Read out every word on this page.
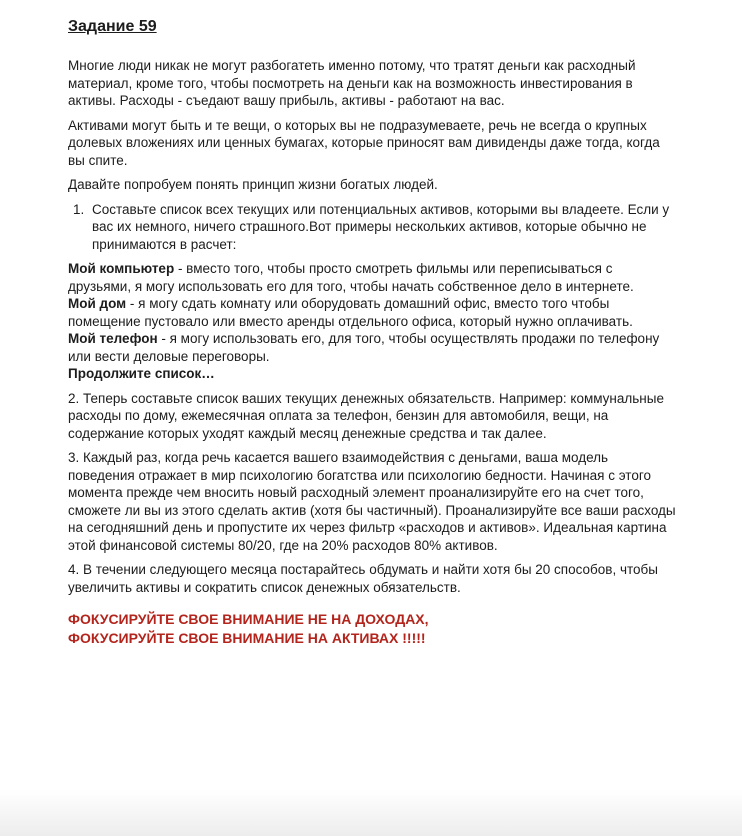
Задание 59

Многие люди никак не могут разбогатеть именно потому, что тратят деньги как расходный материал, кроме того, чтобы посмотреть на деньги как на возможность инвестирования в активы. Расходы - съедают вашу прибыль, активы - работают на вас.

Активами могут быть и те вещи, о которых вы не подразумеваете, речь не всегда о крупных долевых вложениях или ценных бумагах, которые приносят вам дивиденды даже тогда, когда вы спите.

Давайте попробуем понять принцип жизни богатых людей.

1. Составьте список всех текущих или потенциальных активов, которыми вы владеете. Если у вас их немного, ничего страшного.Вот примеры нескольких активов, которые обычно не принимаются в расчет:

Мой компьютер - вместо того, чтобы просто смотреть фильмы или переписываться с друзьями, я могу использовать его для того, чтобы начать собственное дело в интернете.

Мой дом - я могу сдать комнату или оборудовать домашний офис, вместо того чтобы помещение пустовало или вместо аренды отдельного офиса, который нужно оплачивать.

Мой телефон - я могу использовать его, для того, чтобы осуществлять продажи по телефону или вести деловые переговоры.

Продолжите список…

2. Теперь составьте список ваших текущих денежных обязательств. Например: коммунальные расходы по дому, ежемесячная оплата за телефон, бензин для автомобиля, вещи, на содержание которых уходят каждый месяц денежные средства и так далее.

3. Каждый раз, когда речь касается вашего взаимодействия с деньгами, ваша модель поведения отражает в мир психологию богатства или психологию бедности. Начиная с этого момента прежде чем вносить новый расходный элемент проанализируйте его на счет того, сможете ли вы из этого сделать актив (хотя бы частичный). Проанализируйте все ваши расходы на сегодняшний день и пропустите их через фильтр «расходов и активов». Идеальная картина этой финансовой системы 80/20, где на 20% расходов 80% активов.

4. В течении следующего месяца постарайтесь обдумать и найти хотя бы 20 способов, чтобы увеличить активы и сократить список денежных обязательств.

ФОКУСИРУЙТЕ СВОЕ ВНИМАНИЕ НЕ НА ДОХОДАХ,
ФОКУСИРУЙТЕ СВОЕ ВНИМАНИЕ НА АКТИВАХ !!!!!
